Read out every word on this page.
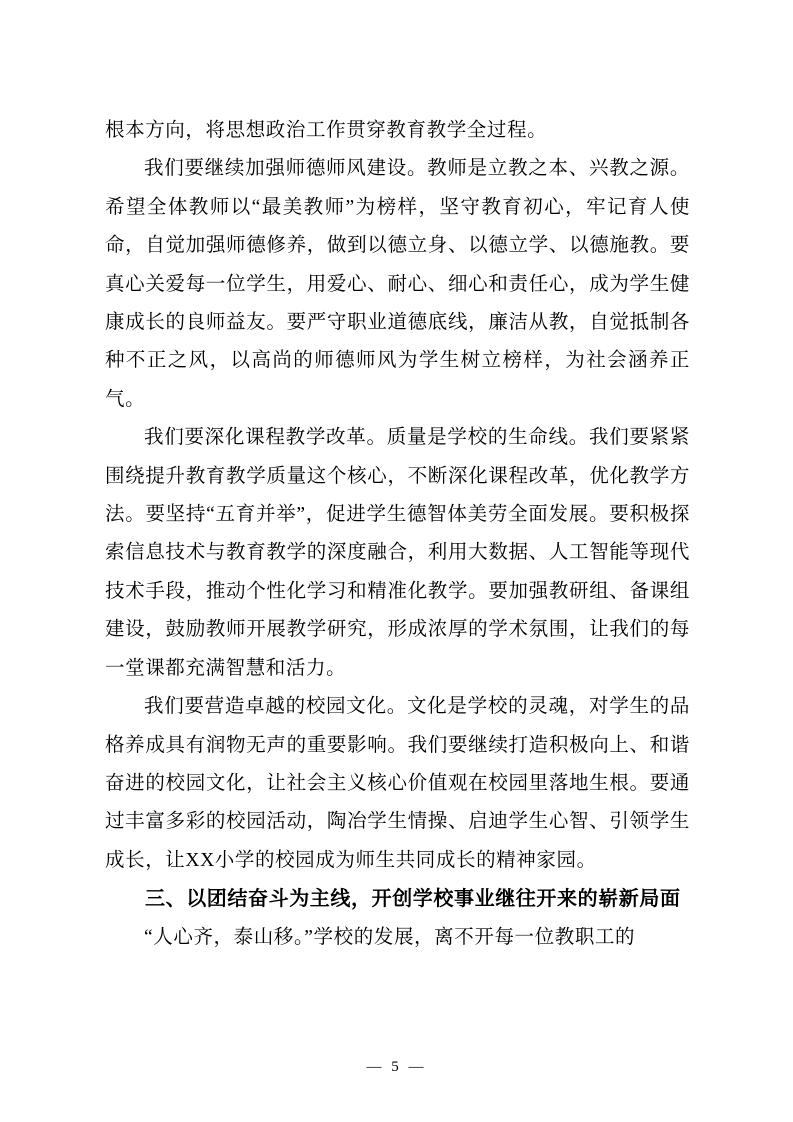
根本方向，将思想政治工作贯穿教育教学全过程。

我们要继续加强师德师风建设。教师是立教之本、兴教之源。希望全体教师以“最美教师”为榜样，坚守教育初心，牢记育人使命，自觉加强师德修养，做到以德立身、以德立学、以德施教。要真心关爱每一位学生，用爱心、耐心、细心和责任心，成为学生健康成长的良师益友。要严守职业道德底线，廉洁从教，自觉抵制各种不正之风，以高尚的师德师风为学生树立榜样，为社会涵养正气。

我们要深化课程教学改革。质量是学校的生命线。我们要紧紧围绕提升教育教学质量这个核心，不断深化课程改革，优化教学方法。要坚持“五育并举”，促进学生德智体美劳全面发展。要积极探索信息技术与教育教学的深度融合，利用大数据、人工智能等现代技术手段，推动个性化学习和精准化教学。要加强教研组、备课组建设，鼓励教师开展教学研究，形成浓厚的学术氛围，让我们的每一堂课都充满智慧和活力。

我们要营造卓越的校园文化。文化是学校的灵魂，对学生的品格养成具有润物无声的重要影响。我们要继续打造积极向上、和谐奋进的校园文化，让社会主义核心价值观在校园里落地生根。要通过丰富多彩的校园活动，陶冶学生情操、启迪学生心智、引领学生成长，让XX小学的校园成为师生共同成长的精神家园。

三、以团结奋斗为主线，开创学校事业继往开来的崭新局面

“人心齐，泰山移。”学校的发展，离不开每一位教职工的

— 5 —
